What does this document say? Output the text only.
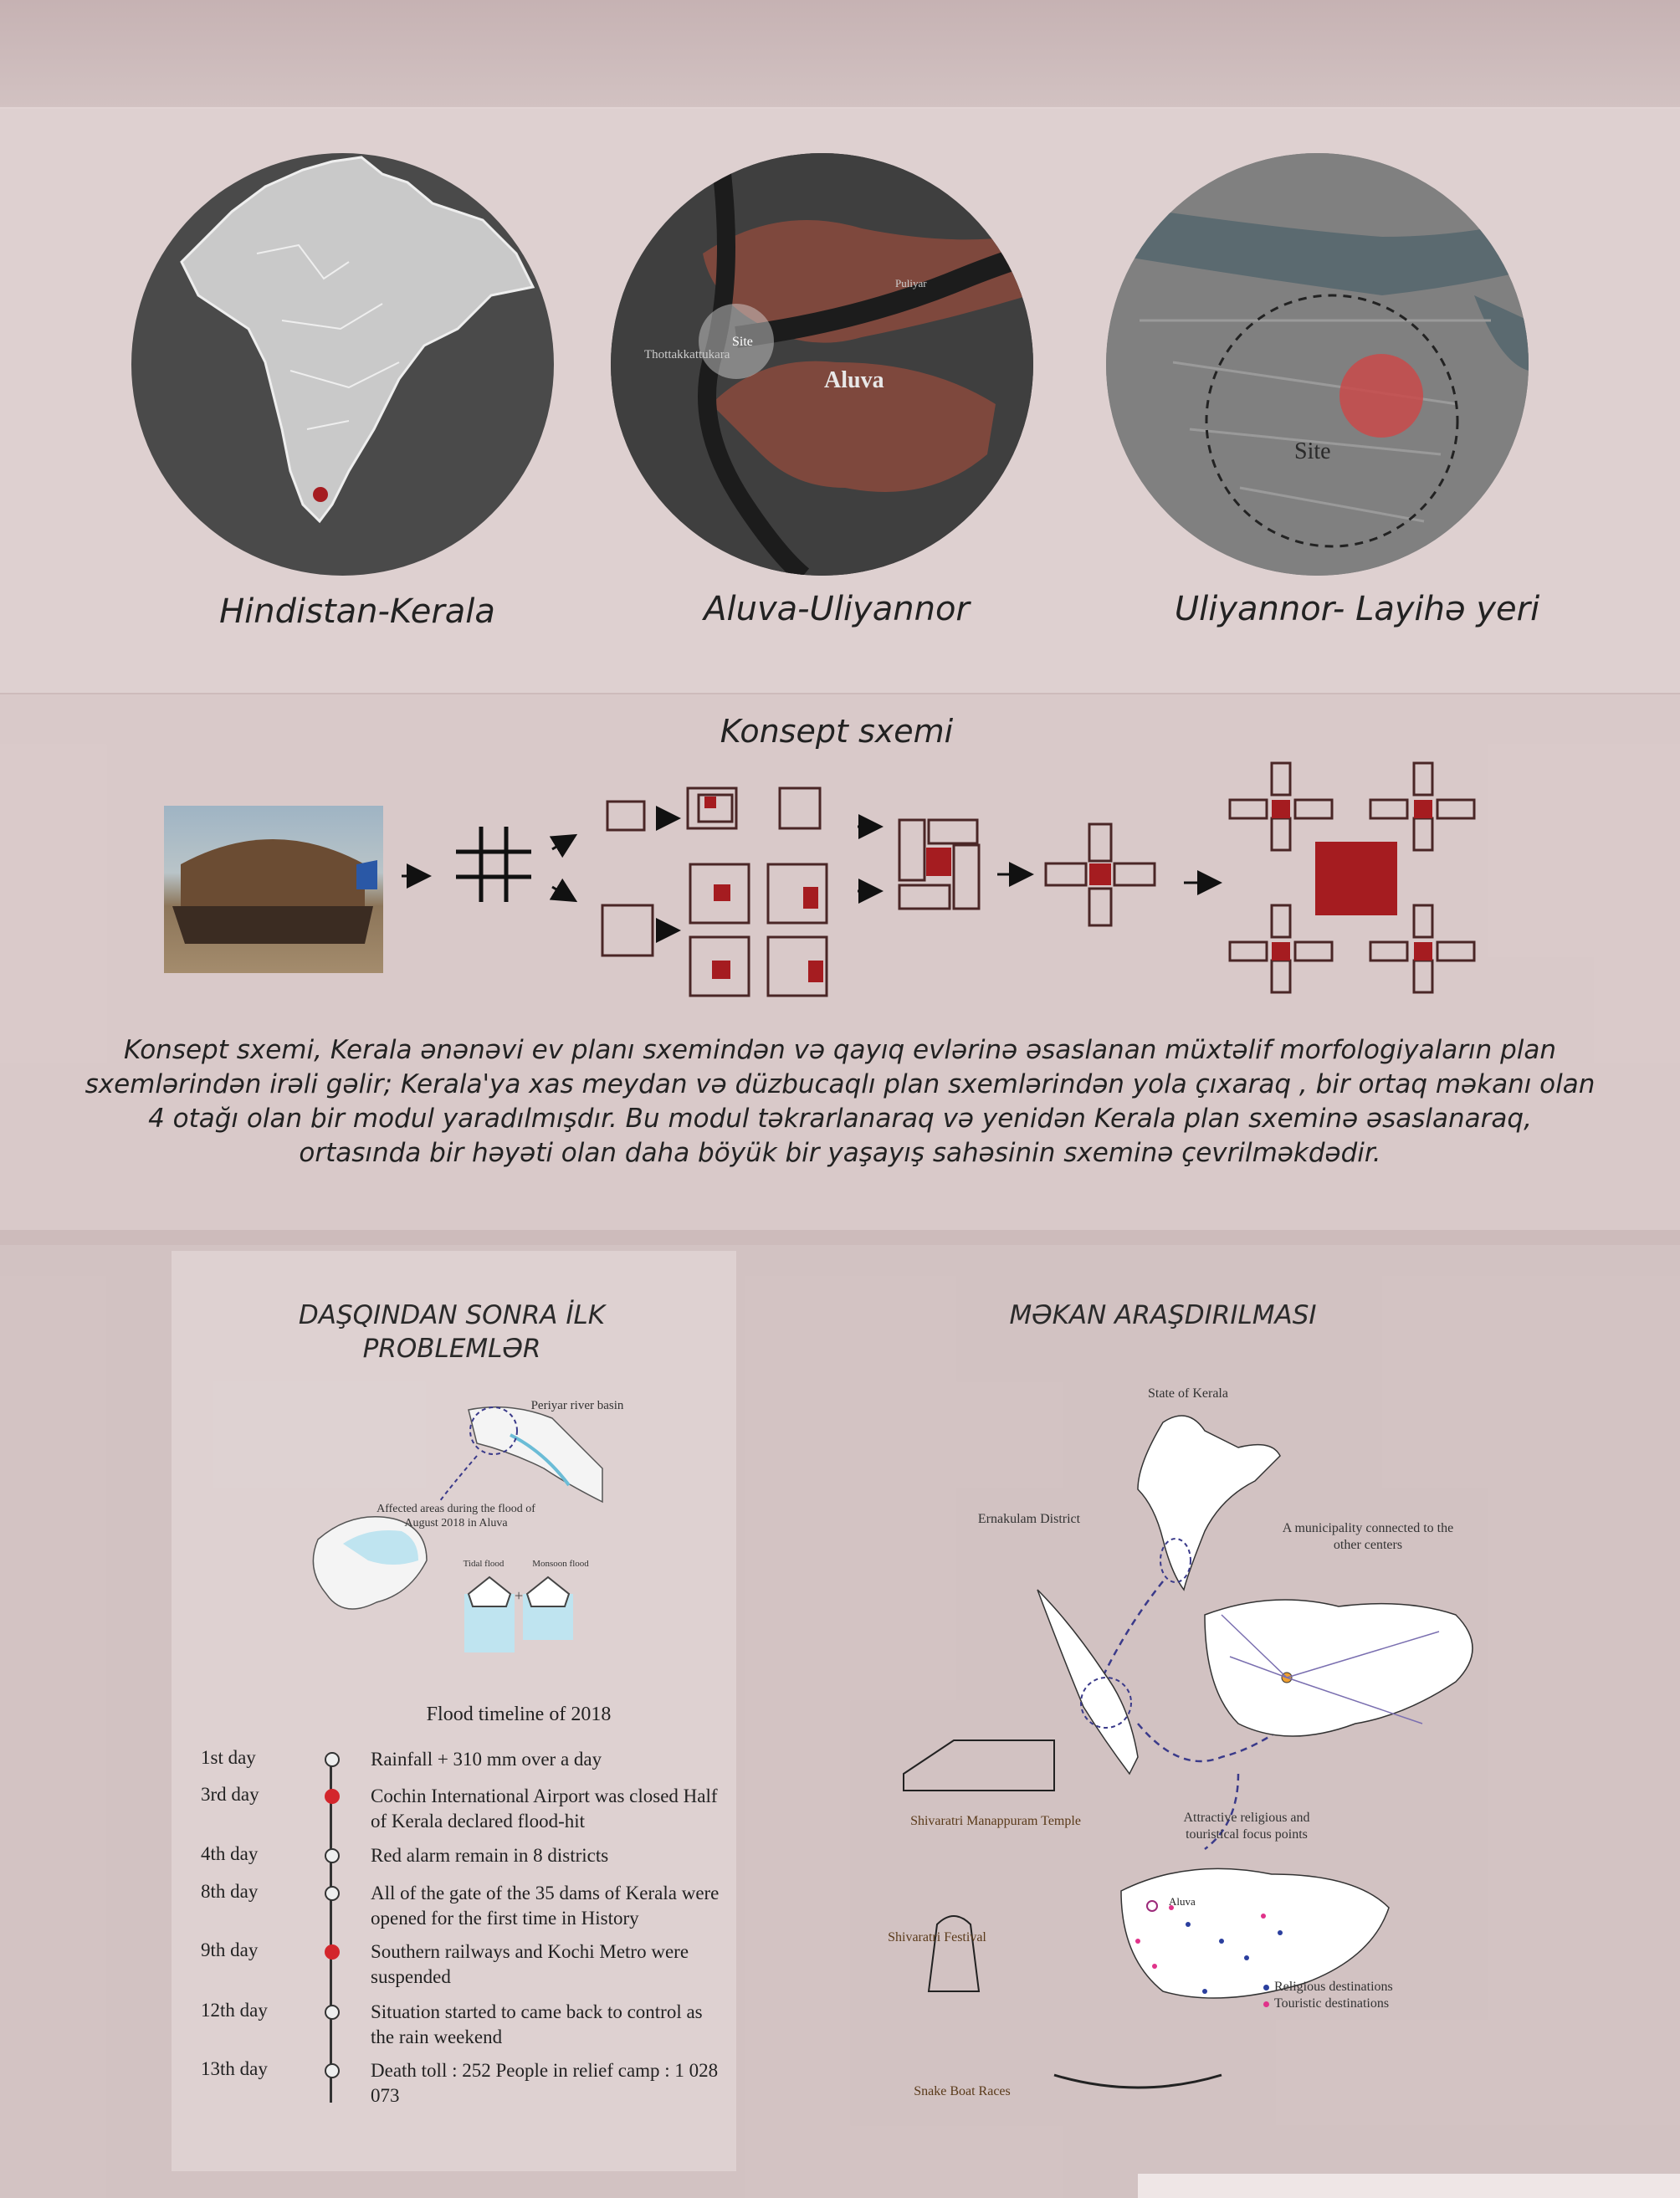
Hindistan-Kerala
Site
Aluva
Puliyar
Thottakkattukara
Aluva-Uliyannor
Site
Uliyannor- Layihə yeri
Konsept sxemi
Konsept sxemi, Kerala ənənəvi ev planı sxemindən və qayıq evlərinə əsaslanan müxtəlif morfologiyaların plan sxemlərindən irəli gəlir; Kerala'ya xas meydan və düzbucaqlı plan sxemlərindən yola çıxaraq , bir ortaq məkanı olan 4 otağı olan bir modul yaradılmışdır. Bu modul təkrarlanaraq və yenidən Kerala plan sxeminə əsaslanaraq, ortasında bir həyəti olan daha böyük bir yaşayış sahəsinin sxeminə çevrilməkdədir.
DAŞQINDAN SONRA İLK PROBLEMLƏR
+
Periyar river basin
Affected areas during the flood of August 2018 in Aluva
Tidal flood	Monsoon flood
Flood timeline of 2018
1st day	Rainfall + 310 mm over a day
3rd day	Cochin International Airport was closed Half of Kerala declared flood-hit
4th day	Red alarm remain in 8 districts
8th day	All of the gate of the 35 dams of Kerala were opened for the first time in History
9th day	Southern railways and Kochi Metro were suspended
12th day	Situation started to came back to control as the rain weekend
13th day	Death toll : 252 People in relief camp : 1 028 073
MƏKAN ARAŞDIRILMASI
Aluva
State of Kerala
Ernakulam District
A municipality connected to the other centers
Attractive religious and touristical focus points
Shivaratri Manappuram Temple
Shivaratri Festival
Snake Boat Races
Religious destinations
Touristic destinations
